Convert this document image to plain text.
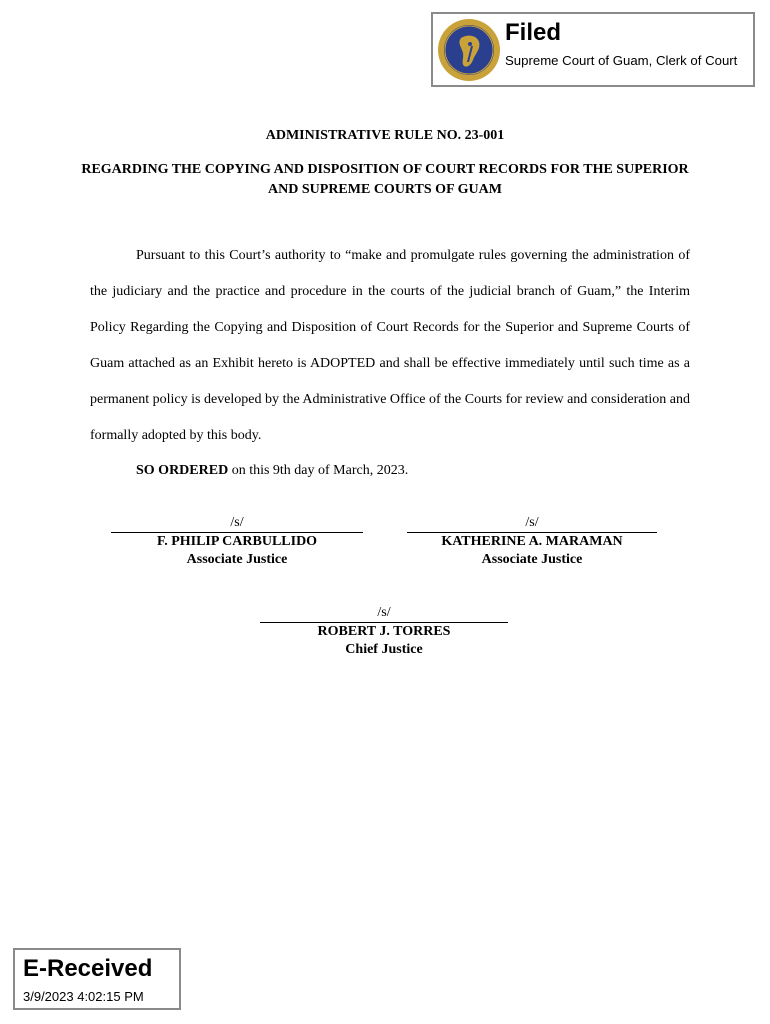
Filed
Supreme Court of Guam, Clerk of Court
ADMINISTRATIVE RULE NO. 23-001
REGARDING THE COPYING AND DISPOSITION OF COURT RECORDS FOR THE SUPERIOR AND SUPREME COURTS OF GUAM

Pursuant to this Court’s authority to “make and promulgate rules governing the administration of the judiciary and the practice and procedure in the courts of the judicial branch of Guam,” the Interim Policy Regarding the Copying and Disposition of Court Records for the Superior and Supreme Courts of Guam attached as an Exhibit hereto is ADOPTED and shall be effective immediately until such time as a permanent policy is developed by the Administrative Office of the Courts for review and consideration and formally adopted by this body.

SO ORDERED on this 9th day of March, 2023.
/s/
F. PHILIP CARBULLIDO
Associate Justice
/s/
KATHERINE A. MARAMAN
Associate Justice
/s/
ROBERT J. TORRES
Chief Justice
E-Received
3/9/2023 4:02:15 PM
